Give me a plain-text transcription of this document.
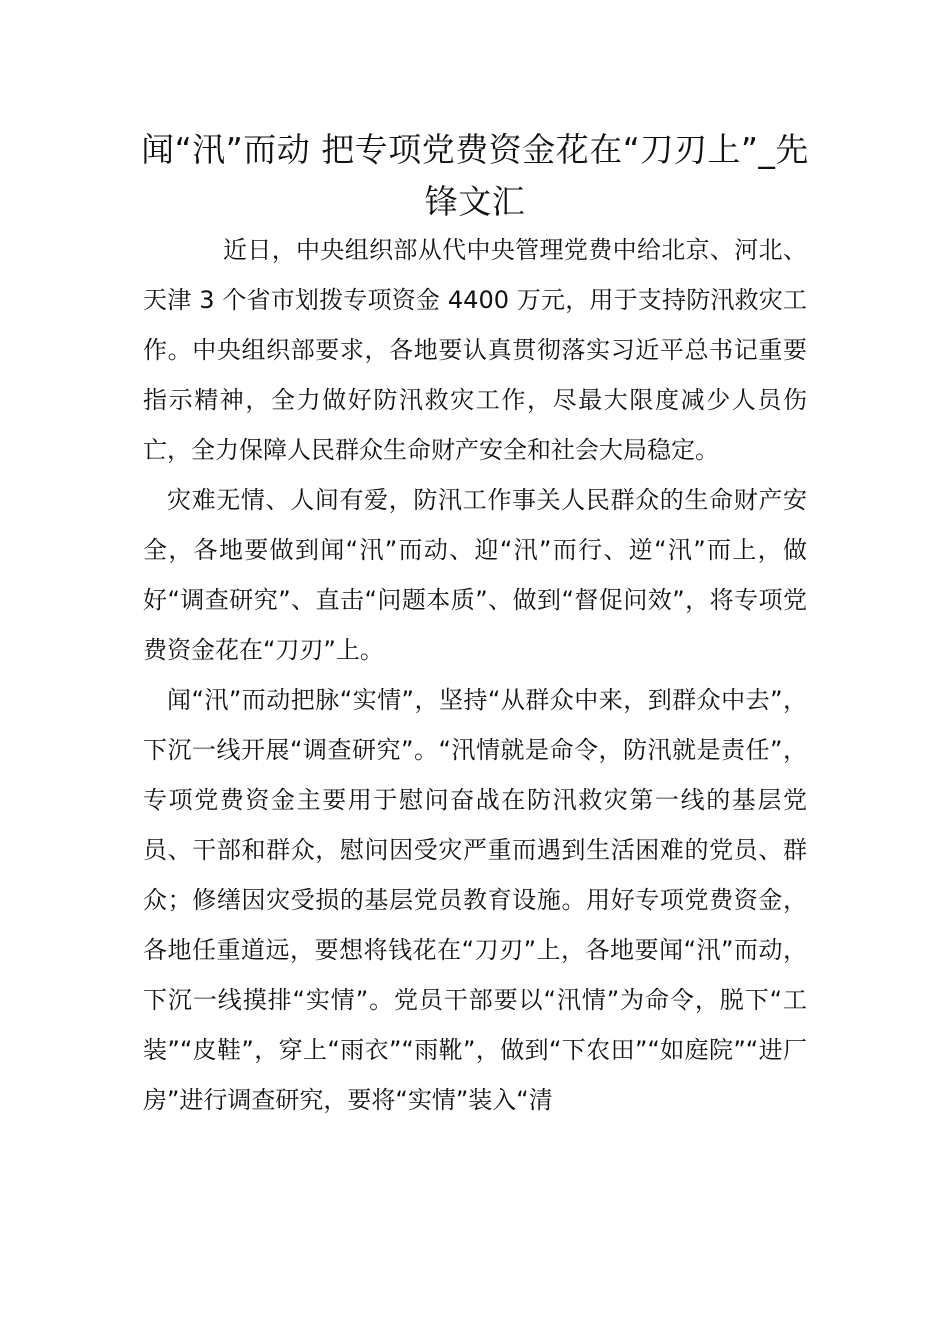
闻“汛”而动 把专项党费资金花在“刀刃上”_先锋文汇

近日，中央组织部从代中央管理党费中给北京、河北、天津 3 个省市划拨专项资金 4400 万元，用于支持防汛救灾工作。中央组织部要求，各地要认真贯彻落实习近平总书记重要指示精神，全力做好防汛救灾工作，尽最大限度减少人员伤亡，全力保障人民群众生命财产安全和社会大局稳定。

灾难无情、人间有爱，防汛工作事关人民群众的生命财产安全，各地要做到闻“汛”而动、迎“汛”而行、逆“汛”而上，做好“调查研究”、直击“问题本质”、做到“督促问效”，将专项党费资金花在“刀刃”上。

闻“汛”而动把脉“实情”，坚持“从群众中来，到群众中去”，下沉一线开展“调查研究”。“汛情就是命令，防汛就是责任”，专项党费资金主要用于慰问奋战在防汛救灾第一线的基层党员、干部和群众，慰问因受灾严重而遇到生活困难的党员、群众；修缮因灾受损的基层党员教育设施。用好专项党费资金，各地任重道远，要想将钱花在“刀刃”上，各地要闻“汛”而动，下沉一线摸排“实情”。党员干部要以“汛情”为命令，脱下“工装”“皮鞋”，穿上“雨衣”“雨靴”，做到“下农田”“如庭院”“进厂房”进行调查研究，要将“实情”装入“清
